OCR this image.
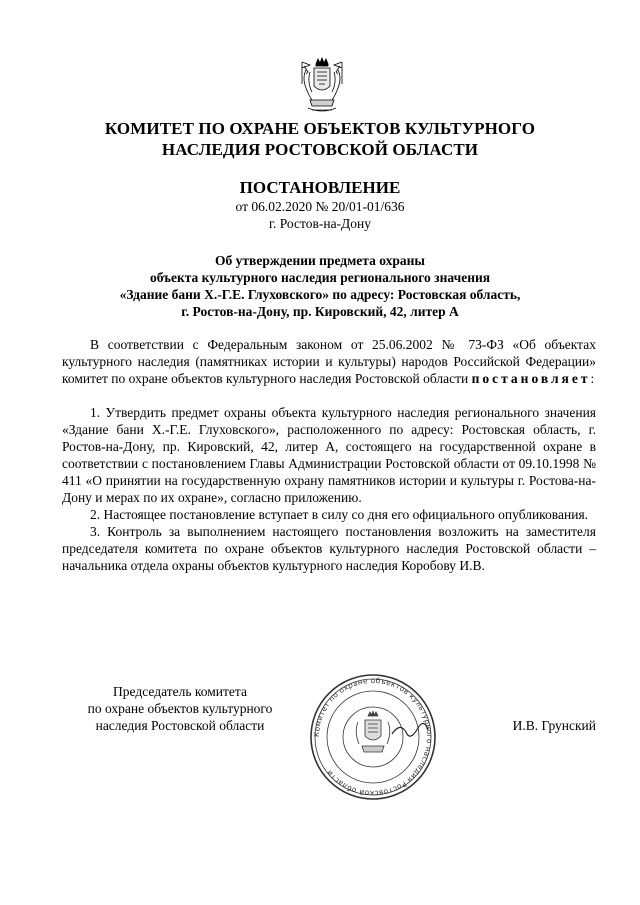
КОМИТЕТ ПО ОХРАНЕ ОБЪЕКТОВ КУЛЬТУРНОГО
НАСЛЕДИЯ РОСТОВСКОЙ ОБЛАСТИ
ПОСТАНОВЛЕНИЕ
от 06.02.2020 № 20/01-01/636
г. Ростов-на-Дону
Об утверждении предмета охраны
объекта культурного наследия регионального значения
«Здание бани Х.-Г.Е. Глуховского» по адресу: Ростовская область,
г. Ростов-на-Дону, пр. Кировский, 42, литер А

В соответствии с Федеральным законом от 25.06.2002 № 73-ФЗ «Об объектах культурного наследия (памятниках истории и культуры) народов Российской Федерации» комитет по охране объектов культурного наследия Ростовской области постановляет:

1. Утвердить предмет охраны объекта культурного наследия регионального значения «Здание бани Х.-Г.Е. Глуховского», расположенного по адресу: Ростовская область, г. Ростов-на-Дону, пр. Кировский, 42, литер А, состоящего на государственной охране в соответствии с постановлением Главы Администрации Ростовской области от 09.10.1998 № 411 «О принятии на государственную охрану памятников истории и культуры г. Ростова-на-Дону и мерах по их охране», согласно приложению.

2. Настоящее постановление вступает в силу со дня его официального опубликования.

3. Контроль за выполнением настоящего постановления возложить на заместителя председателя комитета по охране объектов культурного наследия Ростовской области – начальника отдела охраны объектов культурного наследия Коробову И.В.

Председатель комитета
по охране объектов культурного
наследия Ростовской области
Комитет по охране объектов культурного наследия Ростовской области
И.В. Грунский
